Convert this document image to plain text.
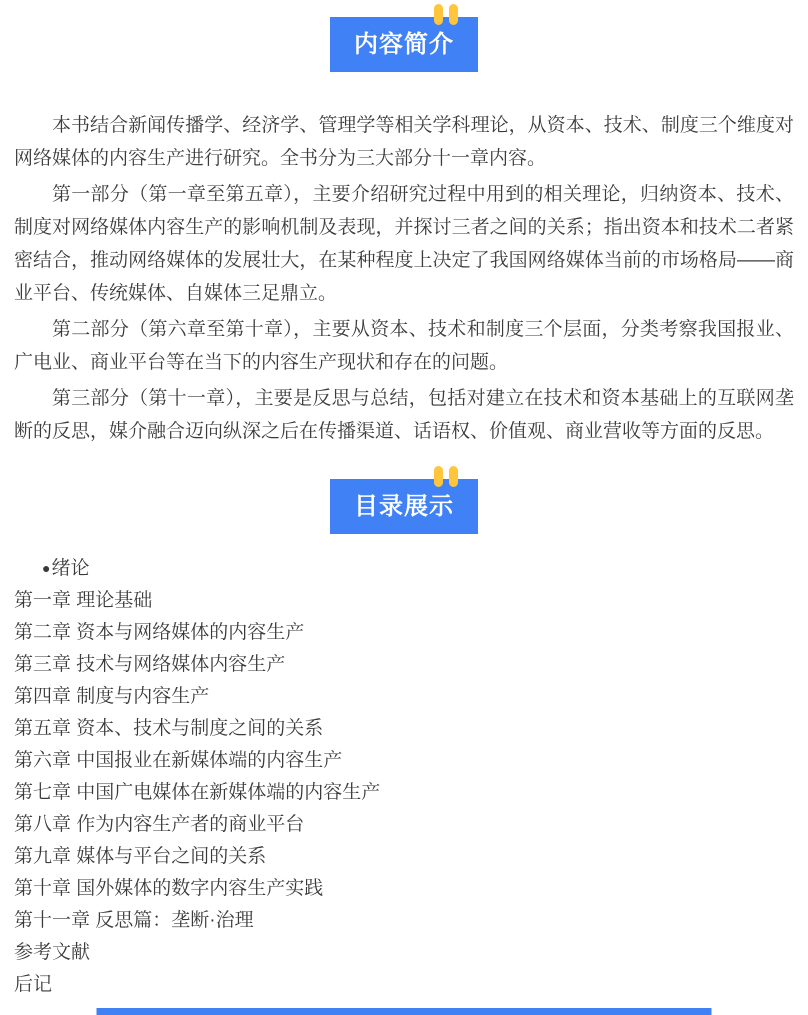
内容简介

本书结合新闻传播学、经济学、管理学等相关学科理论，从资本、技术、制度三个维度对网络媒体的内容生产进行研究。全书分为三大部分十一章内容。

第一部分（第一章至第五章），主要介绍研究过程中用到的相关理论，归纳资本、技术、制度对网络媒体内容生产的影响机制及表现，并探讨三者之间的关系；指出资本和技术二者紧密结合，推动网络媒体的发展壮大，在某种程度上决定了我国网络媒体当前的市场格局——商业平台、传统媒体、自媒体三足鼎立。

第二部分（第六章至第十章），主要从资本、技术和制度三个层面，分类考察我国报业、广电业、商业平台等在当下的内容生产现状和存在的问题。

第三部分（第十一章），主要是反思与总结，包括对建立在技术和资本基础上的互联网垄断的反思，媒介融合迈向纵深之后在传播渠道、话语权、价值观、商业营收等方面的反思。

目录展示
●绪论
第一章 理论基础
第二章 资本与网络媒体的内容生产
第三章 技术与网络媒体内容生产
第四章 制度与内容生产
第五章 资本、技术与制度之间的关系
第六章 中国报业在新媒体端的内容生产
第七章 中国广电媒体在新媒体端的内容生产
第八章 作为内容生产者的商业平台
第九章 媒体与平台之间的关系
第十章 国外媒体的数字内容生产实践
第十一章 反思篇：垄断·治理
参考文献
后记
